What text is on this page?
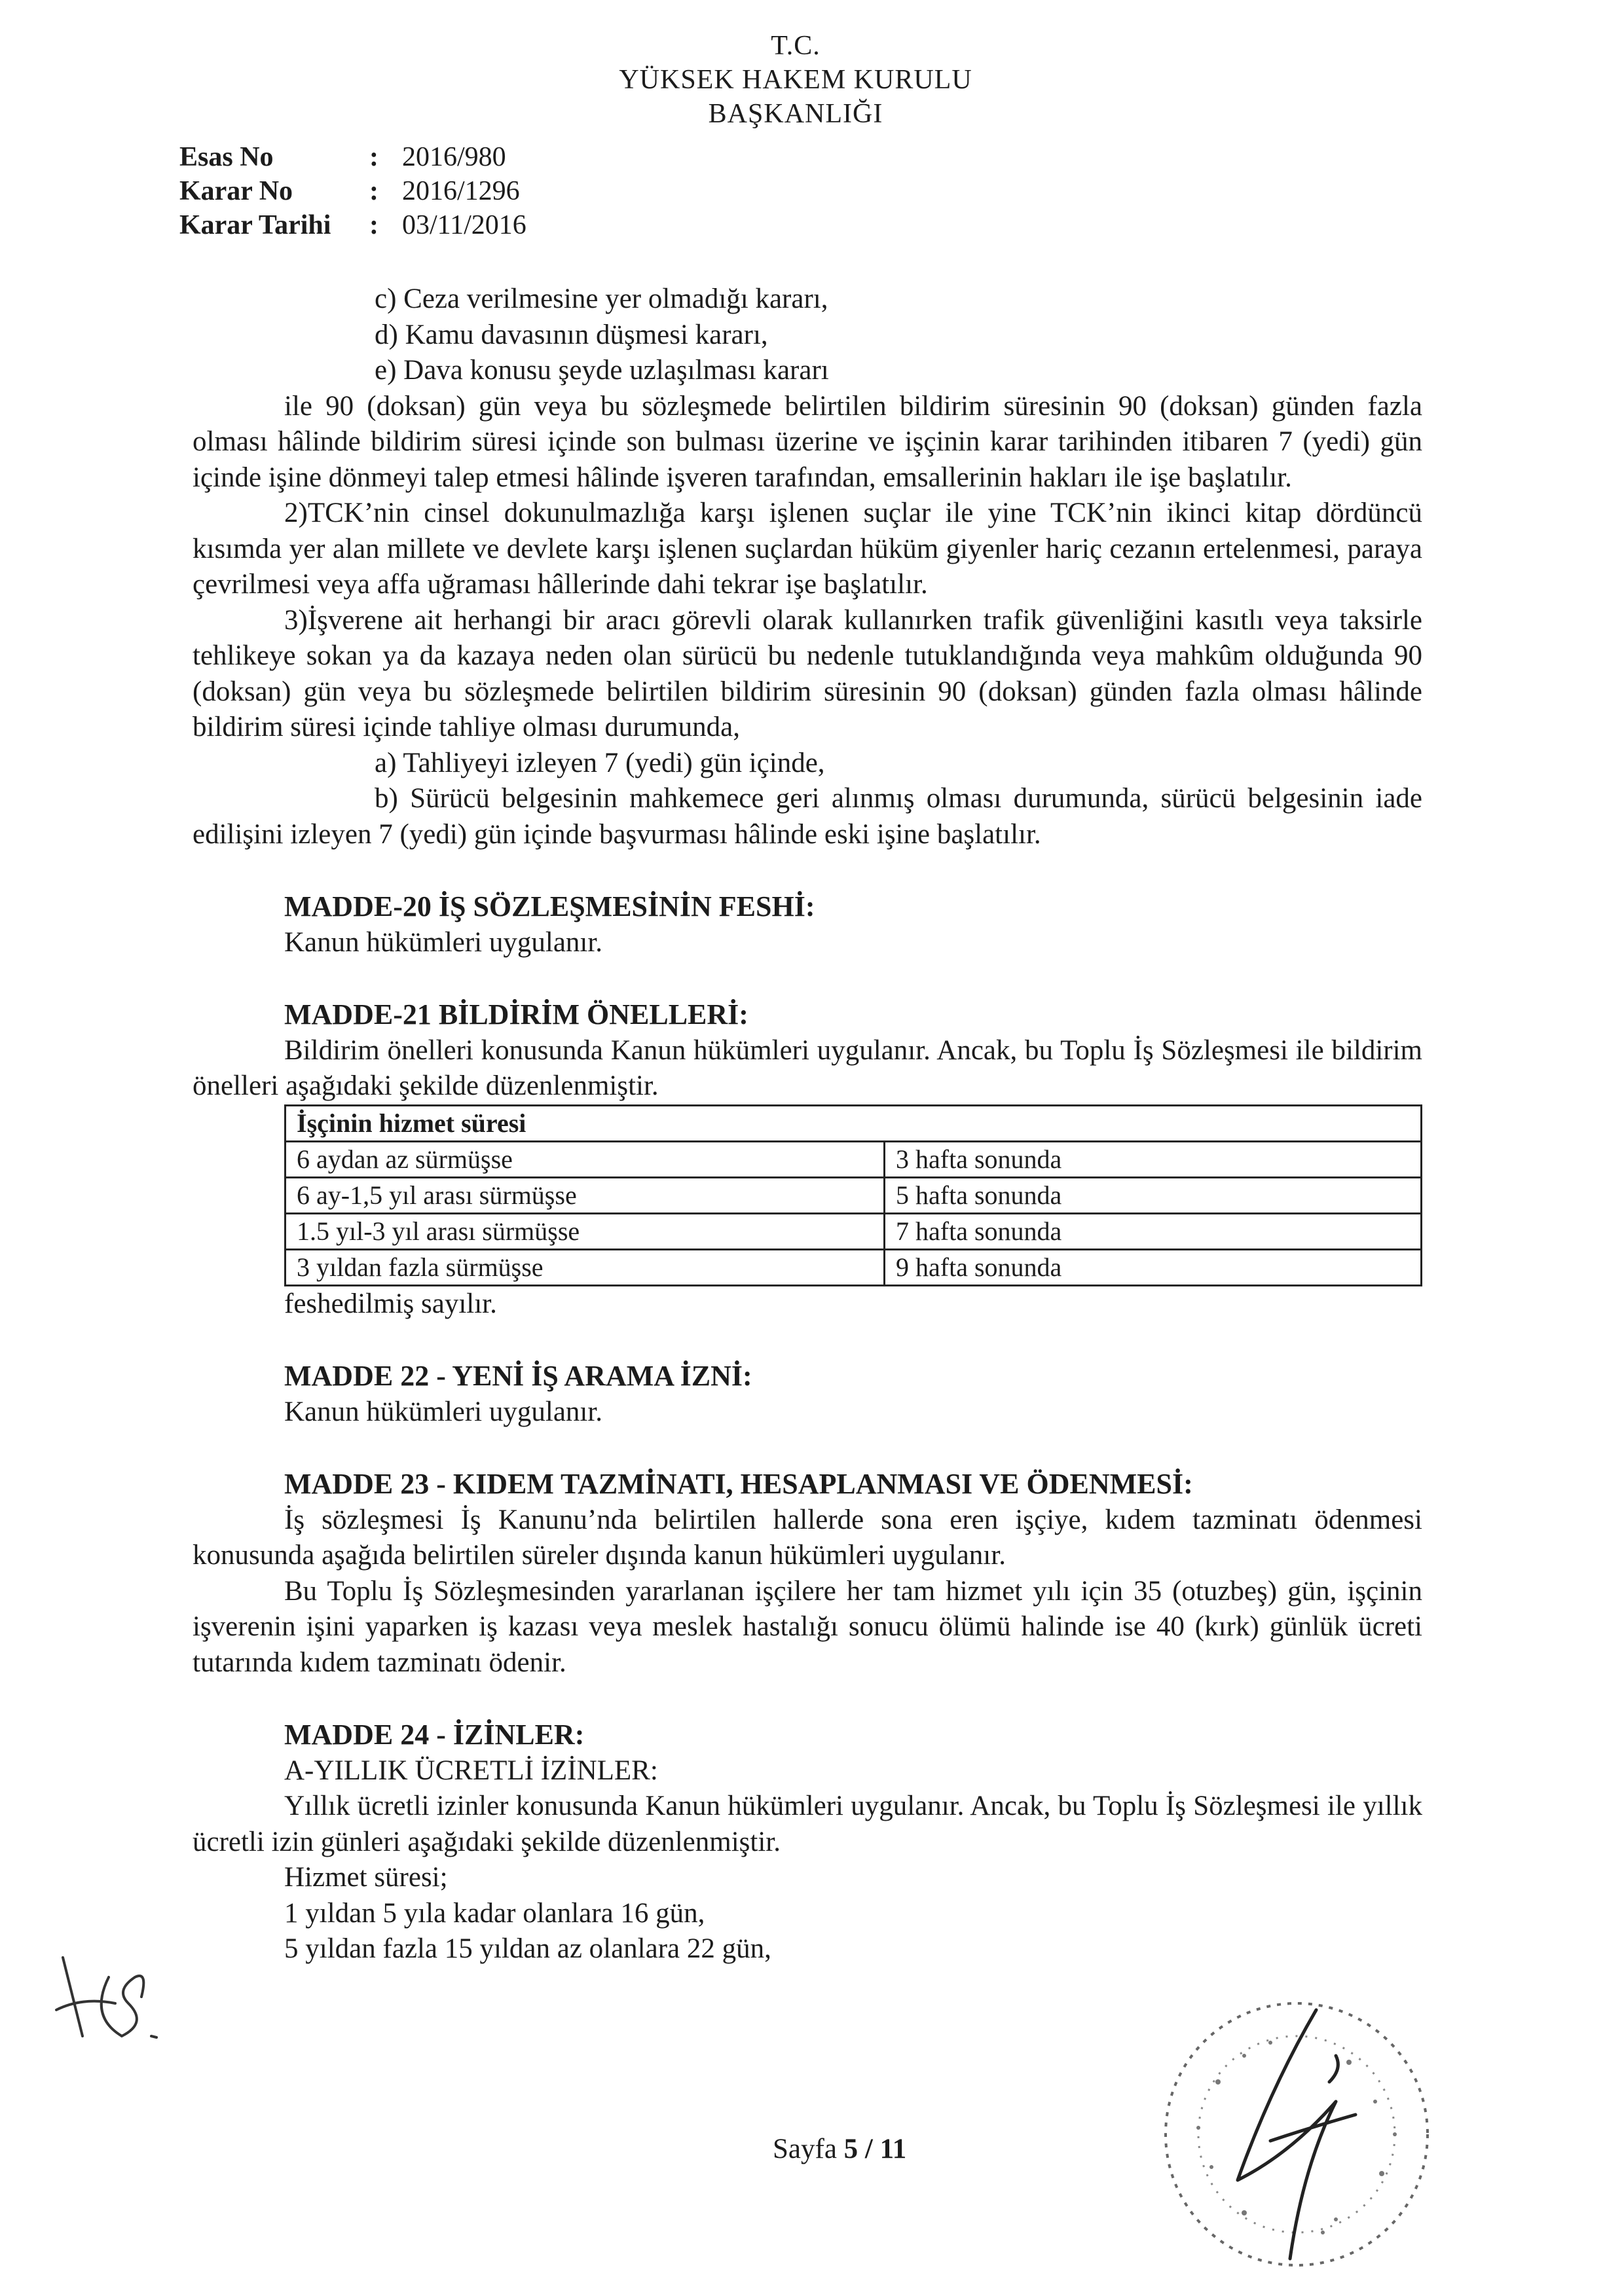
T.C.
YÜKSEK HAKEM KURULU
BAŞKANLIĞI
Esas No	: 2016/980
Karar No	: 2016/1296
Karar Tarihi	: 03/11/2016

c) Ceza verilmesine yer olmadığı kararı,

d) Kamu davasının düşmesi kararı,

e) Dava konusu şeyde uzlaşılması kararı

ile 90 (doksan) gün veya bu sözleşmede belirtilen bildirim süresinin 90 (doksan) günden fazla olması hâlinde bildirim süresi içinde son bulması üzerine ve işçinin karar tarihinden itibaren 7 (yedi) gün içinde işine dönmeyi talep etmesi hâlinde işveren tarafından, emsallerinin hakları ile işe başlatılır.

2)TCK’nin cinsel dokunulmazlığa karşı işlenen suçlar ile yine TCK’nin ikinci kitap dördüncü kısımda yer alan millete ve devlete karşı işlenen suçlardan hüküm giyenler hariç cezanın ertelenmesi, paraya çevrilmesi veya affa uğraması hâllerinde dahi tekrar işe başlatılır.

3)İşverene ait herhangi bir aracı görevli olarak kullanırken trafik güvenliğini kasıtlı veya taksirle tehlikeye sokan ya da kazaya neden olan sürücü bu nedenle tutuklandığında veya mahkûm olduğunda 90 (doksan) gün veya bu sözleşmede belirtilen bildirim süresinin 90 (doksan) günden fazla olması hâlinde bildirim süresi içinde tahliye olması durumunda,

a) Tahliyeyi izleyen 7 (yedi) gün içinde,

b) Sürücü belgesinin mahkemece geri alınmış olması durumunda, sürücü belgesinin iade edilişini izleyen 7 (yedi) gün içinde başvurması hâlinde eski işine başlatılır.

MADDE-20 İŞ SÖZLEŞMESİNİN FESHİ:

Kanun hükümleri uygulanır.

MADDE-21 BİLDİRİM ÖNELLERİ:

Bildirim önelleri konusunda Kanun hükümleri uygulanır. Ancak, bu Toplu İş Sözleşmesi ile bildirim önelleri aşağıdaki şekilde düzenlenmiştir.

İşçinin hizmet süresi	
6 aydan az sürmüşse	3 hafta sonunda
6 ay-1,5 yıl arası sürmüşse	5 hafta sonunda
1.5 yıl-3 yıl arası sürmüşse	7 hafta sonunda
3 yıldan fazla sürmüşse	9 hafta sonunda

feshedilmiş sayılır.

MADDE 22 - YENİ İŞ ARAMA İZNİ:

Kanun hükümleri uygulanır.

MADDE 23 - KIDEM TAZMİNATI, HESAPLANMASI VE ÖDENMESİ:

İş sözleşmesi İş Kanunu’nda belirtilen hallerde sona eren işçiye, kıdem tazminatı ödenmesi konusunda aşağıda belirtilen süreler dışında kanun hükümleri uygulanır.

Bu Toplu İş Sözleşmesinden yararlanan işçilere her tam hizmet yılı için 35 (otuzbeş) gün, işçinin işverenin işini yaparken iş kazası veya meslek hastalığı sonucu ölümü halinde ise 40 (kırk) günlük ücreti tutarında kıdem tazminatı ödenir.

MADDE 24 - İZİNLER:

A-YILLIK ÜCRETLİ İZİNLER:

Yıllık ücretli izinler konusunda Kanun hükümleri uygulanır. Ancak, bu Toplu İş Sözleşmesi ile yıllık ücretli izin günleri aşağıdaki şekilde düzenlenmiştir.

Hizmet süresi;

1 yıldan 5 yıla kadar olanlara 16 gün,

5 yıldan fazla 15 yıldan az olanlara 22 gün,

Sayfa 5 / 11
